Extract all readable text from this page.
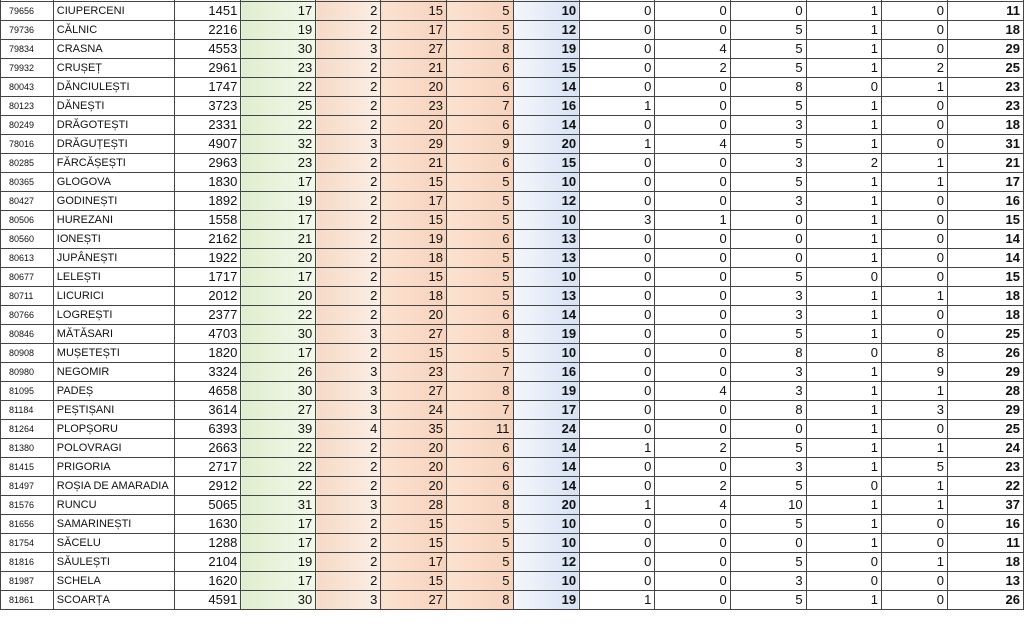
79656	CIUPERCENI	1451	17	2	15	5	10	0	0	0	1	0	11
79736	CĂLNIC	2216	19	2	17	5	12	0	0	5	1	0	18
79834	CRASNA	4553	30	3	27	8	19	0	4	5	1	0	29
79932	CRUȘEȚ	2961	23	2	21	6	15	0	2	5	1	2	25
80043	DĂNCIULEȘTI	1747	22	2	20	6	14	0	0	8	0	1	23
80123	DĂNEȘTI	3723	25	2	23	7	16	1	0	5	1	0	23
80249	DRĂGOTEȘTI	2331	22	2	20	6	14	0	0	3	1	0	18
78016	DRĂGUȚEȘTI	4907	32	3	29	9	20	1	4	5	1	0	31
80285	FĂRCĂȘEȘTI	2963	23	2	21	6	15	0	0	3	2	1	21
80365	GLOGOVA	1830	17	2	15	5	10	0	0	5	1	1	17
80427	GODINEȘTI	1892	19	2	17	5	12	0	0	3	1	0	16
80506	HUREZANI	1558	17	2	15	5	10	3	1	0	1	0	15
80560	IONEȘTI	2162	21	2	19	6	13	0	0	0	1	0	14
80613	JUPÂNEȘTI	1922	20	2	18	5	13	0	0	0	1	0	14
80677	LELEȘTI	1717	17	2	15	5	10	0	0	5	0	0	15
80711	LICURICI	2012	20	2	18	5	13	0	0	3	1	1	18
80766	LOGREȘTI	2377	22	2	20	6	14	0	0	3	1	0	18
80846	MĂTĂSARI	4703	30	3	27	8	19	0	0	5	1	0	25
80908	MUȘETEȘTI	1820	17	2	15	5	10	0	0	8	0	8	26
80980	NEGOMIR	3324	26	3	23	7	16	0	0	3	1	9	29
81095	PADEȘ	4658	30	3	27	8	19	0	4	3	1	1	28
81184	PEȘTIȘANI	3614	27	3	24	7	17	0	0	8	1	3	29
81264	PLOPȘORU	6393	39	4	35	11	24	0	0	0	1	0	25
81380	POLOVRAGI	2663	22	2	20	6	14	1	2	5	1	1	24
81415	PRIGORIA	2717	22	2	20	6	14	0	0	3	1	5	23
81497	ROȘIA DE AMARADIA	2912	22	2	20	6	14	0	2	5	0	1	22
81576	RUNCU	5065	31	3	28	8	20	1	4	10	1	1	37
81656	SAMARINEȘTI	1630	17	2	15	5	10	0	0	5	1	0	16
81754	SĂCELU	1288	17	2	15	5	10	0	0	0	1	0	11
81816	SĂULEȘTI	2104	19	2	17	5	12	0	0	5	0	1	18
81987	SCHELA	1620	17	2	15	5	10	0	0	3	0	0	13
81861	SCOARȚA	4591	30	3	27	8	19	1	0	5	1	0	26
